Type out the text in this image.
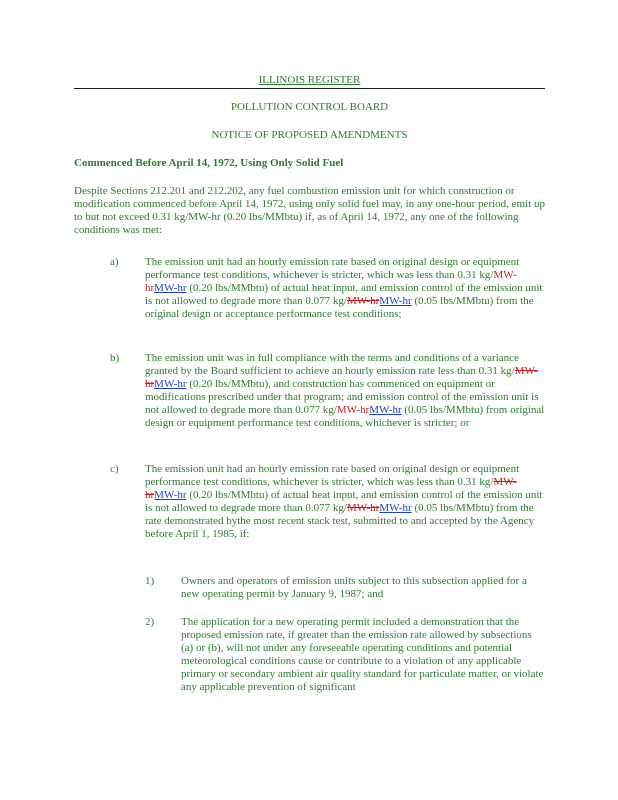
ILLINOIS REGISTER
POLLUTION CONTROL BOARD
NOTICE OF PROPOSED AMENDMENTS
Commenced Before April 14, 1972, Using Only Solid Fuel
Despite Sections 212.201 and 212.202, any fuel combustion emission unit for which construction or modification commenced before April 14, 1972, using only solid fuel may, in any one-hour period, emit up to but not exceed 0.31 kg/MW-hr (0.20 lbs/MMbtu) if, as of April 14, 1972, any one of the following conditions was met:
a) The emission unit had an hourly emission rate based on original design or equipment performance test conditions, whichever is stricter, which was less than 0.31 kg/MW-hrMW-hr (0.20 lbs/MMbtu) of actual heat input, and emission control of the emission unit is not allowed to degrade more than 0.077 kg/MW-hrMW-hr (0.05 lbs/MMbtu) from the original design or acceptance performance test conditions;
b) The emission unit was in full compliance with the terms and conditions of a variance granted by the Board sufficient to achieve an hourly emission rate less than 0.31 kg/MW-hrMW-hr (0.20 lbs/MMbtu), and construction has commenced on equipment or modifications prescribed under that program; and emission control of the emission unit is not allowed to degrade more than 0.077 kg/MW-hrMW-hr (0.05 lbs/MMbtu) from original design or equipment performance test conditions, whichever is stricter; or
c) The emission unit had an hourly emission rate based on original design or equipment performance test conditions, whichever is stricter, which was less than 0.31 kg/MW-hrMW-hr (0.20 lbs/MMbtu) of actual heat input, and emission control of the emission unit is not allowed to degrade more than 0.077 kg/MW-hrMW-hr (0.05 lbs/MMbtu) from the rate demonstrated bythe most recent stack test, submitted to and accepted by the Agency before April 1, 1985, if:
1) Owners and operators of emission units subject to this subsection applied for a new operating permit by January 9, 1987; and
2) The application for a new operating permit included a demonstration that the proposed emission rate, if greater than the emission rate allowed by subsections (a) or (b), will not under any foreseeable operating conditions and potential meteorological conditions cause or contribute to a violation of any applicable primary or secondary ambient air quality standard for particulate matter, or violate any applicable prevention of significant
